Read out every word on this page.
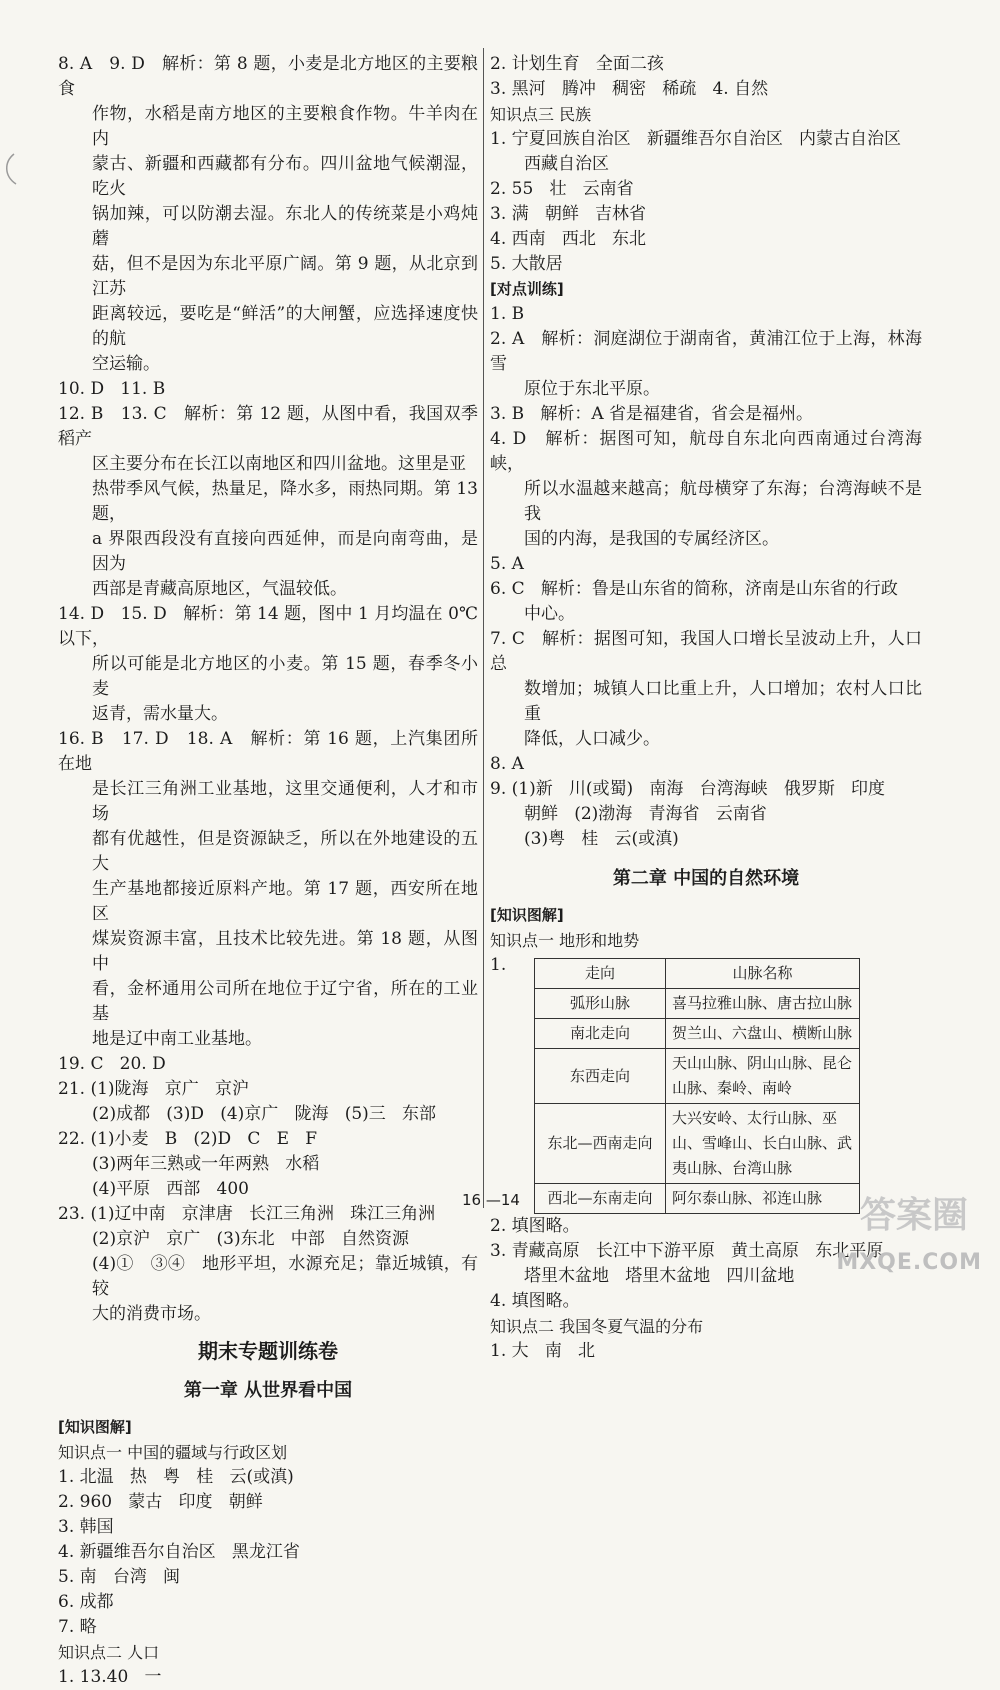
8. A   9. D   解析：第 8 题，小麦是北方地区的主要粮食
作物，水稻是南方地区的主要粮食作物。牛羊肉在内
蒙古、新疆和西藏都有分布。四川盆地气候潮湿，吃火
锅加辣，可以防潮去湿。东北人的传统菜是小鸡炖蘑
菇，但不是因为东北平原广阔。第 9 题，从北京到江苏
距离较远，要吃是“鲜活”的大闸蟹，应选择速度快的航
空运输。
10. D   11. B
12. B   13. C   解析：第 12 题，从图中看，我国双季稻产
区主要分布在长江以南地区和四川盆地。这里是亚
热带季风气候，热量足，降水多，雨热同期。第 13 题，
a 界限西段没有直接向西延伸，而是向南弯曲，是因为
西部是青藏高原地区，气温较低。
14. D   15. D   解析：第 14 题，图中 1 月均温在 0℃以下，
所以可能是北方地区的小麦。第 15 题，春季冬小麦
返青，需水量大。
16. B   17. D   18. A   解析：第 16 题，上汽集团所在地
是长江三角洲工业基地，这里交通便利，人才和市场
都有优越性，但是资源缺乏，所以在外地建设的五大
生产基地都接近原料产地。第 17 题，西安所在地区
煤炭资源丰富，且技术比较先进。第 18 题，从图中
看，金杯通用公司所在地位于辽宁省，所在的工业基
地是辽中南工业基地。
19. C   20. D
21. (1)陇海   京广   京沪
(2)成都   (3)D   (4)京广   陇海   (5)三   东部
22. (1)小麦   B   (2)D   C   E   F
(3)两年三熟或一年两熟   水稻
(4)平原   西部   400
23. (1)辽中南   京津唐   长江三角洲   珠江三角洲
(2)京沪   京广   (3)东北   中部   自然资源
(4)①   ③④   地形平坦，水源充足；靠近城镇，有较
大的消费市场。
期末专题训练卷
第一章 从世界看中国
[知识图解]
知识点一 中国的疆域与行政区划
1. 北温   热   粤   桂   云(或滇)
2. 960   蒙古   印度   朝鲜
3. 韩国
4. 新疆维吾尔自治区   黑龙江省
5. 南   台湾   闽
6. 成都
7. 略
知识点二 人口
1. 13.40   一
2. 计划生育   全面二孩
3. 黑河   腾冲   稠密   稀疏   4. 自然
知识点三 民族
1. 宁夏回族自治区   新疆维吾尔自治区   内蒙古自治区
西藏自治区
2. 55   壮   云南省
3. 满   朝鲜   吉林省
4. 西南   西北   东北
5. 大散居
[对点训练]
1. B
2. A   解析：洞庭湖位于湖南省，黄浦江位于上海，林海雪
原位于东北平原。
3. B   解析：A 省是福建省，省会是福州。
4. D   解析：据图可知，航母自东北向西南通过台湾海峡，
所以水温越来越高；航母横穿了东海；台湾海峡不是我
国的内海，是我国的专属经济区。
5. A
6. C   解析：鲁是山东省的简称，济南是山东省的行政
中心。
7. C   解析：据图可知，我国人口增长呈波动上升，人口总
数增加；城镇人口比重上升，人口增加；农村人口比重
降低，人口减少。
8. A
9. (1)新   川(或蜀)   南海   台湾海峡   俄罗斯   印度
朝鲜   (2)渤海   青海省   云南省
(3)粤   桂   云(或滇)
第二章 中国的自然环境
[知识图解]
知识点一 地形和地势
1.	走向	山脉名称
弧形山脉	喜马拉雅山脉、唐古拉山脉
南北走向	贺兰山、六盘山、横断山脉
东西走向	天山山脉、阴山山脉、昆仑山脉、秦岭、南岭
东北—西南走向	大兴安岭、太行山脉、巫山、雪峰山、长白山脉、武夷山脉、台湾山脉
西北—东南走向	阿尔泰山脉、祁连山脉
2. 填图略。
3. 青藏高原   长江中下游平原   黄土高原   东北平原
塔里木盆地   塔里木盆地   四川盆地
4. 填图略。
知识点二 我国冬夏气温的分布
1. 大   南   北
16 —14	答案圈
MXQE.COM
